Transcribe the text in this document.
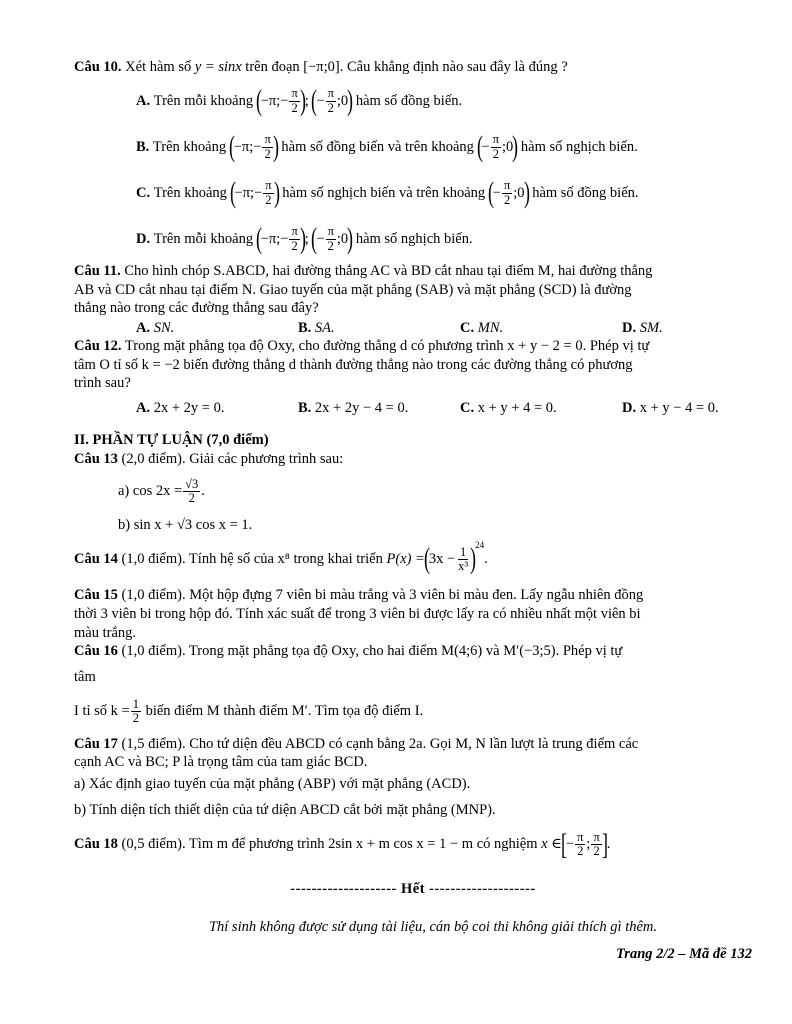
Câu 10.
Xét hàm số
y = sinx
trên đoạn
[−π;0] . Câu khẳng định nào sau đây là đúng ?
A.
Trên mỗi khoảng
( −π;− $\frac{\pi}{2}$ ) ; ( − $\frac{\pi}{2}$ ;0 )
hàm số đồng biến.
B.
Trên khoảng
( −π;− $\frac{\pi}{2}$ )
hàm số đồng biến và trên khoảng
( − $\frac{\pi}{2}$ ;0 )
hàm số nghịch biến.
C.
Trên khoảng
( −π;− $\frac{\pi}{2}$ )
hàm số nghịch biến và trên khoảng
( − $\frac{\pi}{2}$ ;0 )
hàm số đồng biến.
D.
Trên mỗi khoảng
( −π;− $\frac{\pi}{2}$ ) ; ( − $\frac{\pi}{2}$ ;0 )
hàm số nghịch biến.

Câu 11. Cho hình chóp S.ABCD, hai đường thẳng AC và BD cắt nhau tại điểm M, hai đường thẳng
AB và CD cắt nhau tại điểm N. Giao tuyến của mặt phẳng (SAB) và mặt phẳng (SCD) là đường
thẳng nào trong các đường thẳng sau đây?

A. SN.	B. SA.	C. MN.	D. SM.

Câu 12. Trong mặt phẳng tọa độ Oxy, cho đường thẳng d có phương trình x + y − 2 = 0. Phép vị tự
tâm O tỉ số k = −2 biến đường thẳng d thành đường thẳng nào trong các đường thẳng có phương
trình sau?

A. 2x + 2y = 0.	B. 2x + 2y − 4 = 0.	C. x + y + 4 = 0.	D. x + y − 4 = 0.
II. PHẦN TỰ LUẬN (7,0 điểm)

Câu 13 (2,0 điểm). Giải các phương trình sau:

a)
$\cos 2x = \frac{√3}{2}$ .
b)
sin x + √3 cos x = 1.
Câu 14
(1,0 điểm). Tính hệ số của x⁸ trong khai triển
P(x) = ( $3x - \frac{1}{\text{x³}} )^{24}$
.

Câu 15 (1,0 điểm). Một hộp đựng 7 viên bi màu trắng và 3 viên bi màu đen. Lấy ngẫu nhiên đồng
thời 3 viên bi trong hộp đó. Tính xác suất để trong 3 viên bi được lấy ra có nhiều nhất một viên bi
màu trắng.

Câu 16 (1,0 điểm). Trong mặt phẳng tọa độ Oxy, cho hai điểm M(4;6) và M′(−3;5). Phép vị tự

tâm
I tỉ số $k = \frac{1}{2}$
biến điểm M thành điểm M′. Tìm tọa độ điểm I.

Câu 17 (1,5 điểm). Cho tứ diện đều ABCD có cạnh bằng 2a. Gọi M, N lần lượt là trung điểm các
cạnh AC và BC; P là trọng tâm của tam giác BCD.

a) Xác định giao tuyến của mặt phẳng (ABP) với mặt phẳng (ACD).
b) Tính diện tích thiết diện của tứ diện ABCD cắt bởi mặt phẳng (MNP).
Câu 18
(0,5 điểm). Tìm m để phương trình 2sin x + m cos x = 1 − m có nghiệm
x ∈ [ − $\frac{\pi}{2}$ ; $\frac{\pi}{2}$ ] .
-------------------- Hết --------------------
Thí sinh không được sử dụng tài liệu, cán bộ coi thi không giải thích gì thêm.
Trang 2/2 – Mã đề 132
